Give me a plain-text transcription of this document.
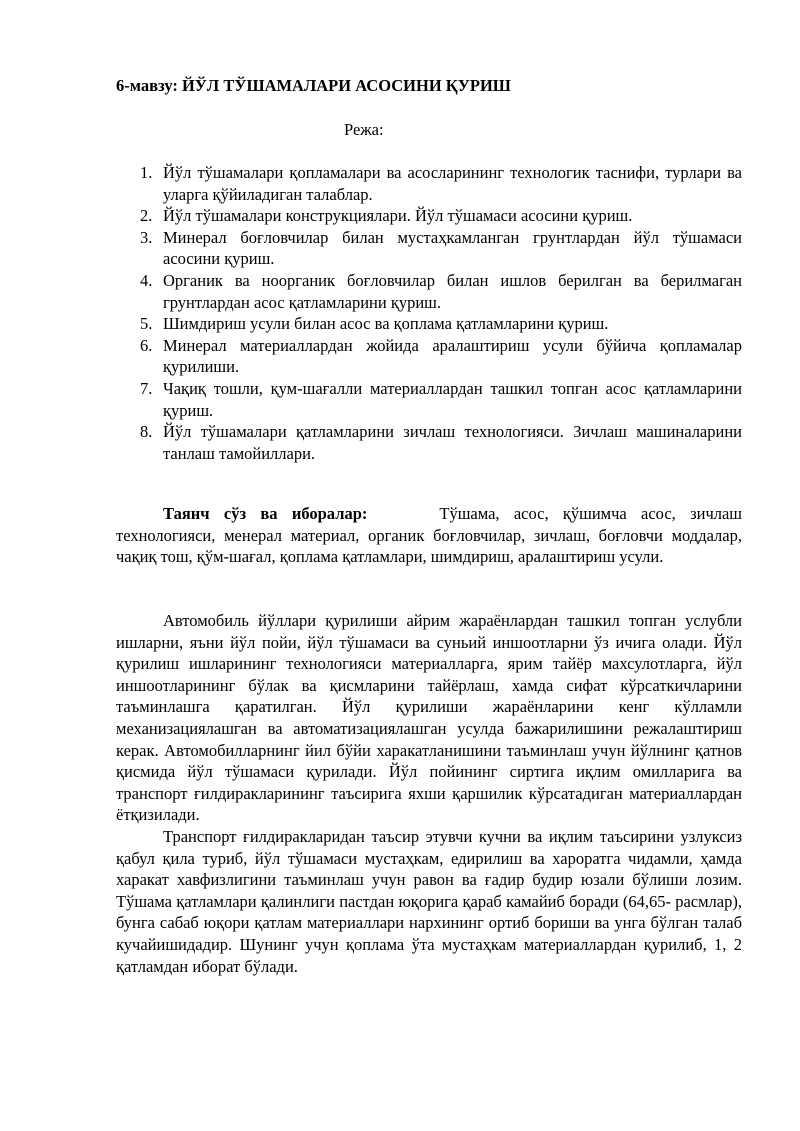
6-мавзу: ЙЎЛ ТЎШАМАЛАРИ АСОСИНИ ҚУРИШ
Режа:
1. Йўл тўшамалари қопламалари ва асосларининг технологик таснифи, турлари ва уларга қўйиладиган талаблар.
2. Йўл тўшамалари конструкциялари. Йўл тўшамаси асосини қуриш.
3. Минерал боғловчилар билан мустаҳкамланган грунтлардан йўл тўшамаси асосини қуриш.
4. Органик ва ноорганик боғловчилар билан ишлов берилган ва берилмаган грунтлардан асос қатламларини қуриш.
5. Шимдириш усули билан асос ва қоплама қатламларини қуриш.
6. Минерал материаллардан жойида аралаштириш усули бўйича қопламалар қурилиши.
7. Чақиқ тошли, қум-шағалли материаллардан ташкил топган асос қатламларини қуриш.
8. Йўл тўшамалари қатламларини зичлаш технологияси. Зичлаш машиналарини танлаш тамойиллари.

Таянч сўз ва иборалар:	Тўшама, асос, қўшимча асос, зичлаш технологияси, менерал материал, органик боғловчилар, зичлаш, боғловчи моддалар, чақиқ тош, қўм-шағал, қоплама қатламлари, шимдириш, аралаштириш усули.

Автомобиль йўллари қурилиши айрим жараёнлардан ташкил топган услубли ишларни, яъни йўл пойи, йўл тўшамаси ва суньий иншоотларни ўз ичига олади. Йўл қурилиш ишларининг технологияси материалларга, ярим тайёр махсулотларга, йўл иншоотларининг бўлак ва қисмларини тайёрлаш, хамда сифат кўрсаткичларини таъминлашга қаратилган. Йўл қурилиши жараёнларини кенг кўлламли механизациялашган ва автоматизациялашган усулда бажарилишини режалаштириш керак. Автомобилларнинг йил бўйи харакатланишини таъминлаш учун йўлнинг қатнов қисмида йўл тўшамаси қурилади. Йўл пойининг сиртига иқлим омилларига ва транспорт ғилдиракларининг таъсирига яхши қаршилик кўрсатадиган материаллардан ётқизилади.

Транспорт ғилдиракларидан таъсир этувчи кучни ва иқлим таъсирини узлуксиз қабул қила туриб, йўл тўшамаси мустаҳкам, едирилиш ва хароратга чидамли, ҳамда харакат хавфизлигини таъминлаш учун равон ва ғадир будир юзали бўлиши лозим. Тўшама қатламлари қалинлиги пастдан юқорига қараб камайиб боради (64,65- расмлар), бунга сабаб юқори қатлам материаллари нархининг ортиб бориши ва унга бўлган талаб кучайишидадир. Шунинг учун қоплама ўта мустаҳкам материаллардан қурилиб, 1, 2 қатламдан иборат бўлади.
